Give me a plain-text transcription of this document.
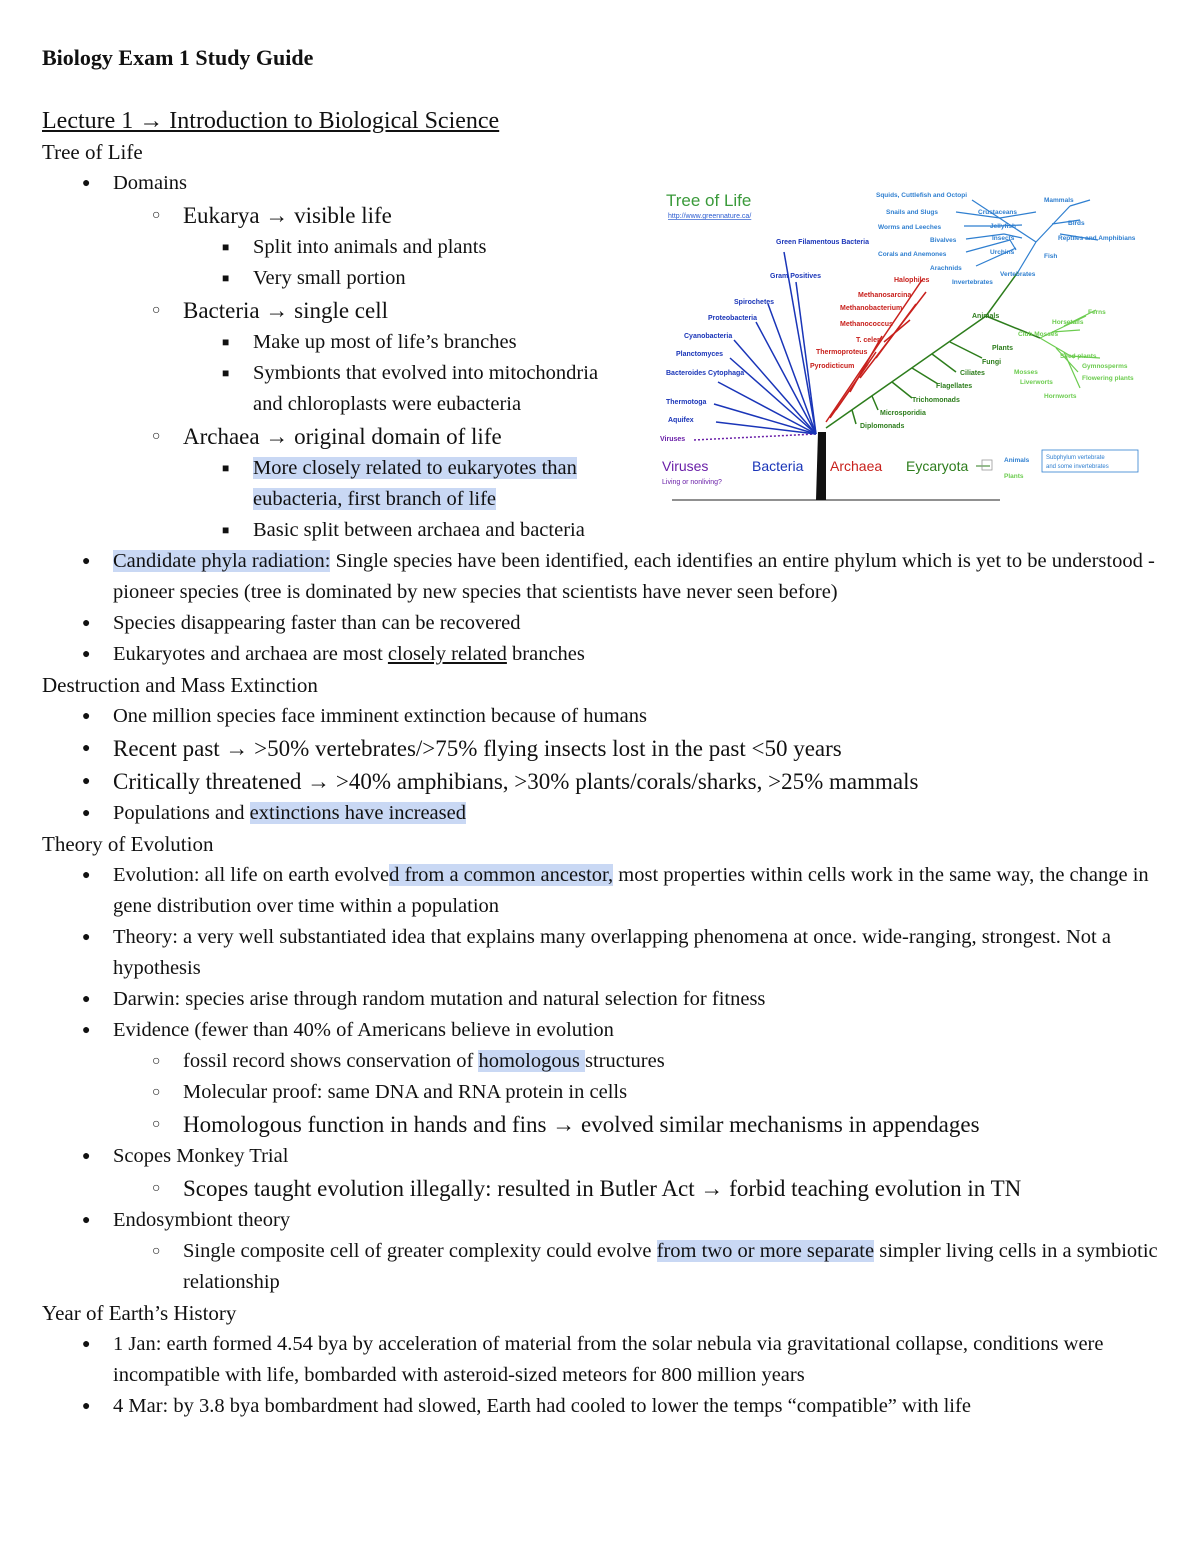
Biology Exam 1 Study Guide
Lecture 1 → Introduction to Biological Science
Tree of Life
● Domains
○ Eukarya → visible life
■ Split into animals and plants
■ Very small portion
○ Bacteria → single cell
■ Make up most of life’s branches
■ Symbionts that evolved into mitochondria and chloroplasts were eubacteria
○ Archaea → original domain of life
■ More closely related to eukaryotes than eubacteria, first branch of life
■ Basic split between archaea and bacteria
● Candidate phyla radiation: Single species have been identified, each identifies an entire phylum which is yet to be understood - pioneer species (tree is dominated by new species that scientists have never seen before)
● Species disappearing faster than can be recovered
● Eukaryotes and archaea are most closely related branches
Destruction and Mass Extinction
● One million species face imminent extinction because of humans
● Recent past → >50% vertebrates/>75% flying insects lost in the past <50 years
● Critically threatened → >40% amphibians, >30% plants/corals/sharks, >25% mammals
● Populations and extinctions have increased
Theory of Evolution
● Evolution: all life on earth evolved from a common ancestor, most properties within cells work in the same way, the change in gene distribution over time within a population
● Theory: a very well substantiated idea that explains many overlapping phenomena at once. wide-ranging, strongest. Not a hypothesis
● Darwin: species arise through random mutation and natural selection for fitness
● Evidence (fewer than 40% of Americans believe in evolution
○ fossil record shows conservation of homologous structures
○ Molecular proof: same DNA and RNA protein in cells
○ Homologous function in hands and fins → evolved similar mechanisms in appendages
● Scopes Monkey Trial
○ Scopes taught evolution illegally: resulted in Butler Act → forbid teaching evolution in TN
● Endosymbiont theory
○ Single composite cell of greater complexity could evolve from two or more separate simpler living cells in a symbiotic relationship
Year of Earth’s History
● 1 Jan: earth formed 4.54 bya by acceleration of material from the solar nebula via gravitational collapse, conditions were incompatible with life, bombarded with asteroid-sized meteors for 800 million years
● 4 Mar: by 3.8 bya bombardment had slowed, Earth had cooled to lower the temps “compatible” with life
Tree of Life
http://www.greennature.ca/
Green Filamentous Bacteria
Gram Positives
Spirochetes
Proteobacteria
Cyanobacteria
Planctomyces
Bacteroides Cytophaga
Thermotoga
Aquifex
Halophiles
Methanosarcina
Methanobacterium
Methanococcus
T. celer
Thermoproteus
Pyrodicticum
Animals
Plants
Fungi
Ciliates
Flagellates
Trichomonads
Microsporidia
Diplomonads
Squids, Cuttlefish and Octopi
Snails and Slugs
Worms and Leeches
Bivalves
Corals and Anemones
Arachnids
Crustaceans
Jellyfish
Insects
Urchins
Invertebrates
Vertebrates
Mammals
Birds
Reptiles and Amphibians
Fish
Ferns
Horsetails
Club Mosses
Seed plants
Mosses
Liverworts
Hornworts
Gymnosperms
Flowering plants
Viruses
Viruses
Living or nonliving?
Bacteria Archaea Eycaryota	Animals
Plants
Subphylum vertebrate
and some invertebrates
